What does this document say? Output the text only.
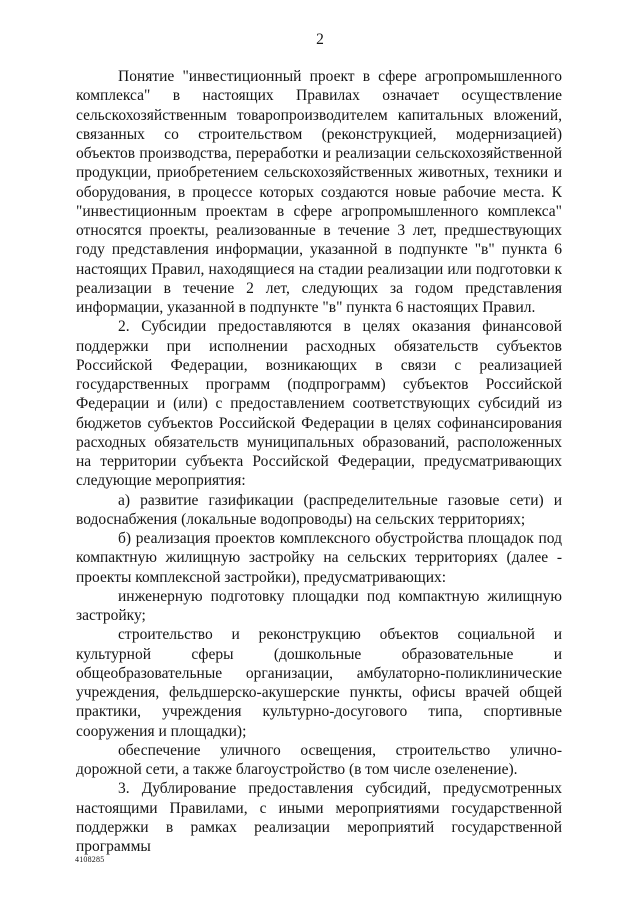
2

Понятие "инвестиционный проект в сфере агропромышленного комплекса" в настоящих Правилах означает осуществление сельскохозяйственным товаропроизводителем капитальных вложений, связанных со строительством (реконструкцией, модернизацией) объектов производства, переработки и реализации сельскохозяйственной продукции, приобретением сельскохозяйственных животных, техники и оборудования, в процессе которых создаются новые рабочие места. К "инвестиционным проектам в сфере агропромышленного комплекса" относятся проекты, реализованные в течение 3 лет, предшествующих году представления информации, указанной в подпункте "в" пункта 6 настоящих Правил, находящиеся на стадии реализации или подготовки к реализации в течение 2 лет, следующих за годом представления информации, указанной в подпункте "в" пункта 6 настоящих Правил.

2. Субсидии предоставляются в целях оказания финансовой поддержки при исполнении расходных обязательств субъектов Российской Федерации, возникающих в связи с реализацией государственных программ (подпрограмм) субъектов Российской Федерации и (или) с предоставлением соответствующих субсидий из бюджетов субъектов Российской Федерации в целях софинансирования расходных обязательств муниципальных образований, расположенных на территории субъекта Российской Федерации, предусматривающих следующие мероприятия:

а) развитие газификации (распределительные газовые сети) и водоснабжения (локальные водопроводы) на сельских территориях;

б) реализация проектов комплексного обустройства площадок под компактную жилищную застройку на сельских территориях (далее - проекты комплексной застройки), предусматривающих:

инженерную подготовку площадки под компактную жилищную застройку;

строительство и реконструкцию объектов социальной и культурной сферы (дошкольные образовательные и общеобразовательные организации, амбулаторно-поликлинические учреждения, фельдшерско-акушерские пункты, офисы врачей общей практики, учреждения культурно-досугового типа, спортивные сооружения и площадки);

обеспечение уличного освещения, строительство улично-дорожной сети, а также благоустройство (в том числе озеленение).

3. Дублирование предоставления субсидий, предусмотренных настоящими Правилами, с иными мероприятиями государственной поддержки в рамках реализации мероприятий государственной программы

4108285
